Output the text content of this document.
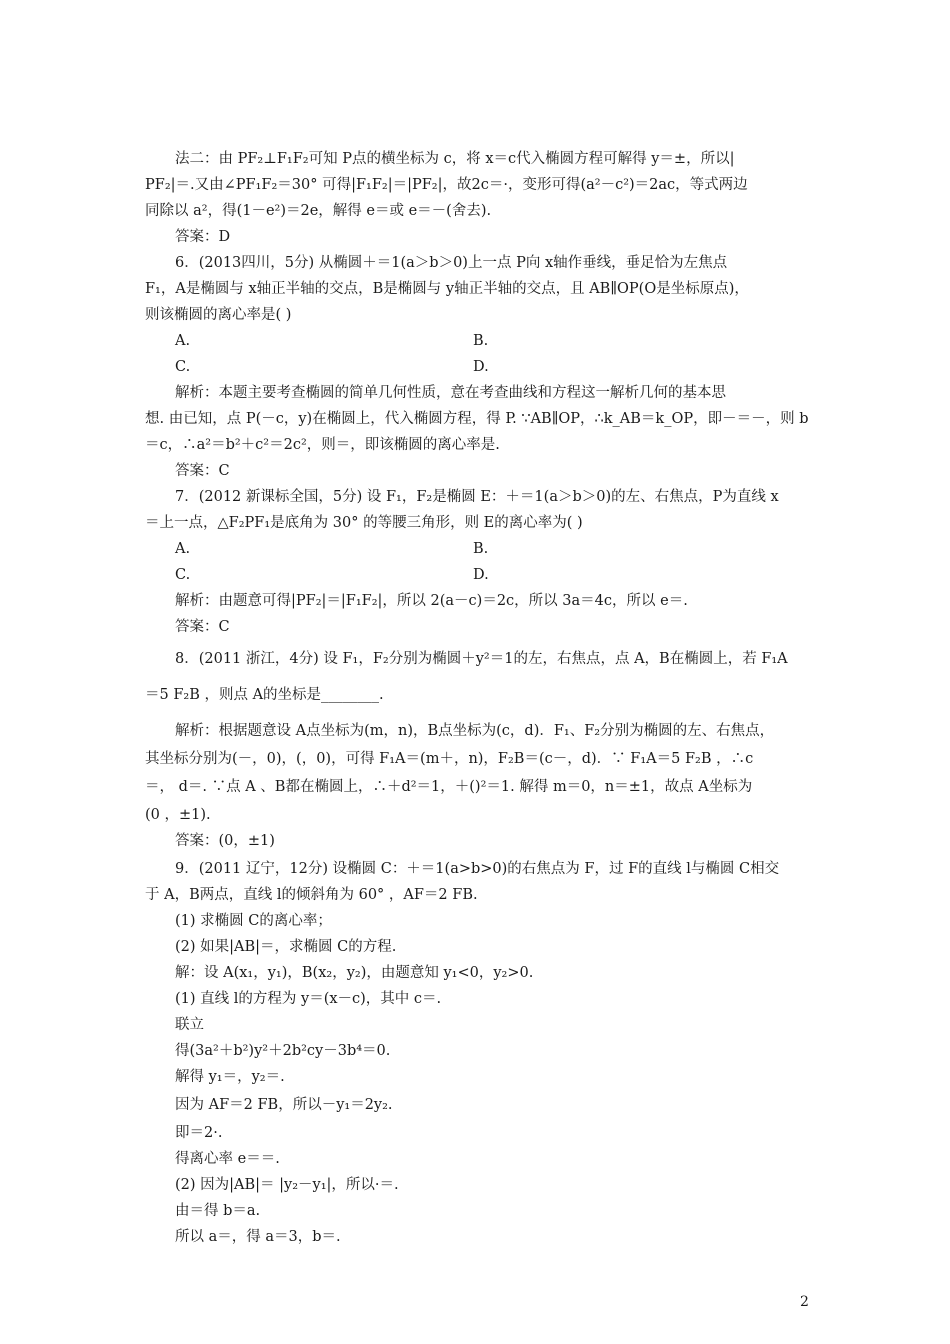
法二：由 PF₂⊥F₁F₂可知 P点的横坐标为 c，将 x＝c代入椭圆方程可解得 y＝±，所以|
PF₂|＝.又由∠PF₁F₂＝30° 可得|F₁F₂|＝|PF₂|，故2c＝·，变形可得(a²－c²)＝2ac，等式两边
同除以 a²，得(1－e²)＝2e，解得 e＝或 e＝－(舍去).
答案：D
6．(2013四川，5分) 从椭圆＋＝1(a＞b＞0)上一点 P向 x轴作垂线，垂足恰为左焦点
F₁，A是椭圆与 x轴正半轴的交点，B是椭圆与 y轴正半轴的交点，且 AB∥OP(O是坐标原点)，
则该椭圆的离心率是( )
A.	B.
C.	D.
解析：本题主要考查椭圆的简单几何性质，意在考查曲线和方程这一解析几何的基本思
想. 由已知，点 P(－c，y)在椭圆上，代入椭圆方程，得 P. ∵AB∥OP，∴k_AB＝k_OP，即－＝－，则 b
＝c，∴a²＝b²＋c²＝2c²，则＝，即该椭圆的离心率是.
答案：C
7．(2012 新课标全国，5分) 设 F₁，F₂是椭圆 E：＋＝1(a＞b＞0)的左、右焦点，P为直线 x
＝上一点，△F₂PF₁是底角为 30° 的等腰三角形，则 E的离心率为( )
A.	B.
C.	D.
解析：由题意可得|PF₂|＝|F₁F₂|，所以 2(a－c)＝2c，所以 3a＝4c，所以 e＝.
答案：C
8．(2011 浙江，4分) 设 F₁，F₂分别为椭圆＋y²＝1的左，右焦点，点 A，B在椭圆上，若 F₁A
＝5 F₂B ，则点 A的坐标是________.
解析：根据题意设 A点坐标为(m，n)，B点坐标为(c，d)．F₁、F₂分别为椭圆的左、右焦点，
其坐标分别为(－，0)，(，0)，可得 F₁A＝(m＋，n)，F₂B＝(c－，d)．∵ F₁A＝5 F₂B ，∴c
＝， d＝. ∵点 A 、B都在椭圆上，∴＋d²＝1，＋()²＝1. 解得 m＝0，n＝±1，故点 A坐标为
(0 ，±1).
答案：(0，±1)
9．(2011 辽宁，12分) 设椭圆 C：＋＝1(a>b>0)的右焦点为 F，过 F的直线 l与椭圆 C相交
于 A，B两点，直线 l的倾斜角为 60° ，AF＝2 FB.
(1) 求椭圆 C的离心率；
(2) 如果|AB|＝，求椭圆 C的方程.
解：设 A(x₁，y₁)，B(x₂，y₂)，由题意知 y₁<0，y₂>0.
(1) 直线 l的方程为 y＝(x－c)，其中 c＝.
联立
得(3a²＋b²)y²＋2b²cy－3b⁴＝0.
解得 y₁＝，y₂＝.
因为 AF＝2 FB，所以－y₁＝2y₂.
即＝2·.
得离心率 e＝＝.
(2) 因为|AB|＝ |y₂－y₁|，所以·＝.
由＝得 b＝a.
所以 a＝，得 a＝3，b＝.
2
